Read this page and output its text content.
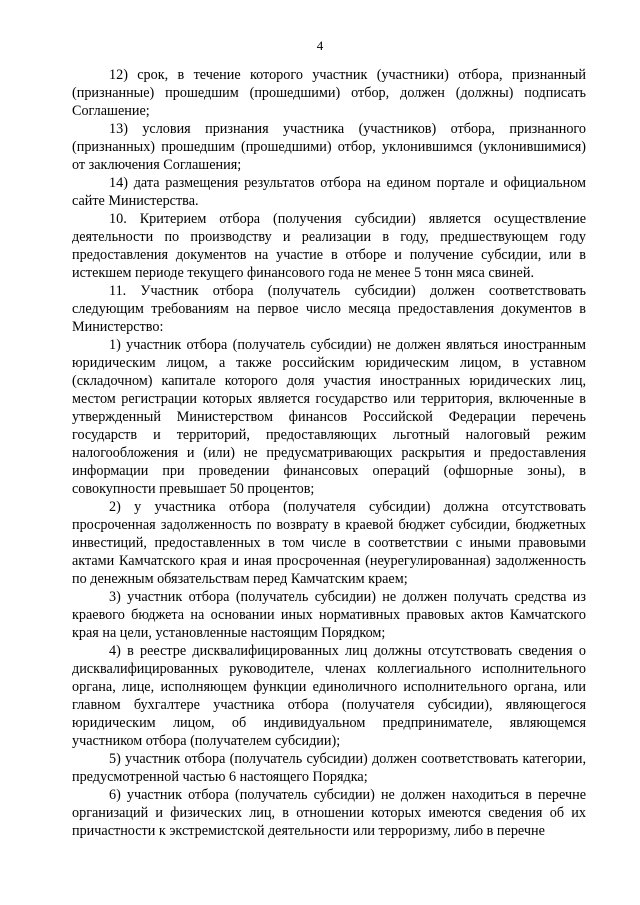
4

12) срок, в течение которого участник (участники) отбора, признанный (признанные) прошедшим (прошедшими) отбор, должен (должны) подписать Соглашение;

13) условия признания участника (участников) отбора, признанного (признанных) прошедшим (прошедшими) отбор, уклонившимся (уклонившимися) от заключения Соглашения;

14) дата размещения результатов отбора на едином портале и официальном сайте Министерства.

10. Критерием отбора (получения субсидии) является осуществление деятельности по производству и реализации в году, предшествующем году предоставления документов на участие в отборе и получение субсидии, или в истекшем периоде текущего финансового года не менее 5 тонн мяса свиней.

11. Участник отбора (получатель субсидии) должен соответствовать следующим требованиям на первое число месяца предоставления документов в Министерство:

1) участник отбора (получатель субсидии) не должен являться иностранным юридическим лицом, а также российским юридическим лицом, в уставном (складочном) капитале которого доля участия иностранных юридических лиц, местом регистрации которых является государство или территория, включенные в утвержденный Министерством финансов Российской Федерации перечень государств и территорий, предоставляющих льготный налоговый режим налогообложения и (или) не предусматривающих раскрытия и предоставления информации при проведении финансовых операций (офшорные зоны), в совокупности превышает 50 процентов;

2) у участника отбора (получателя субсидии) должна отсутствовать просроченная задолженность по возврату в краевой бюджет субсидии, бюджетных инвестиций, предоставленных в том числе в соответствии с иными правовыми актами Камчатского края и иная просроченная (неурегулированная) задолженность по денежным обязательствам перед Камчатским краем;

3) участник отбора (получатель субсидии) не должен получать средства из краевого бюджета на основании иных нормативных правовых актов Камчатского края на цели, установленные настоящим Порядком;

4) в реестре дисквалифицированных лиц должны отсутствовать сведения о дисквалифицированных руководителе, членах коллегиального исполнительного органа, лице, исполняющем функции единоличного исполнительного органа, или главном бухгалтере участника отбора (получателя субсидии), являющегося юридическим лицом, об индивидуальном предпринимателе, являющемся участником отбора (получателем субсидии);

5) участник отбора (получатель субсидии) должен соответствовать категории, предусмотренной частью 6 настоящего Порядка;

6) участник отбора (получатель субсидии) не должен находиться в перечне организаций и физических лиц, в отношении которых имеются сведения об их причастности к экстремистской деятельности или терроризму, либо в перечне
